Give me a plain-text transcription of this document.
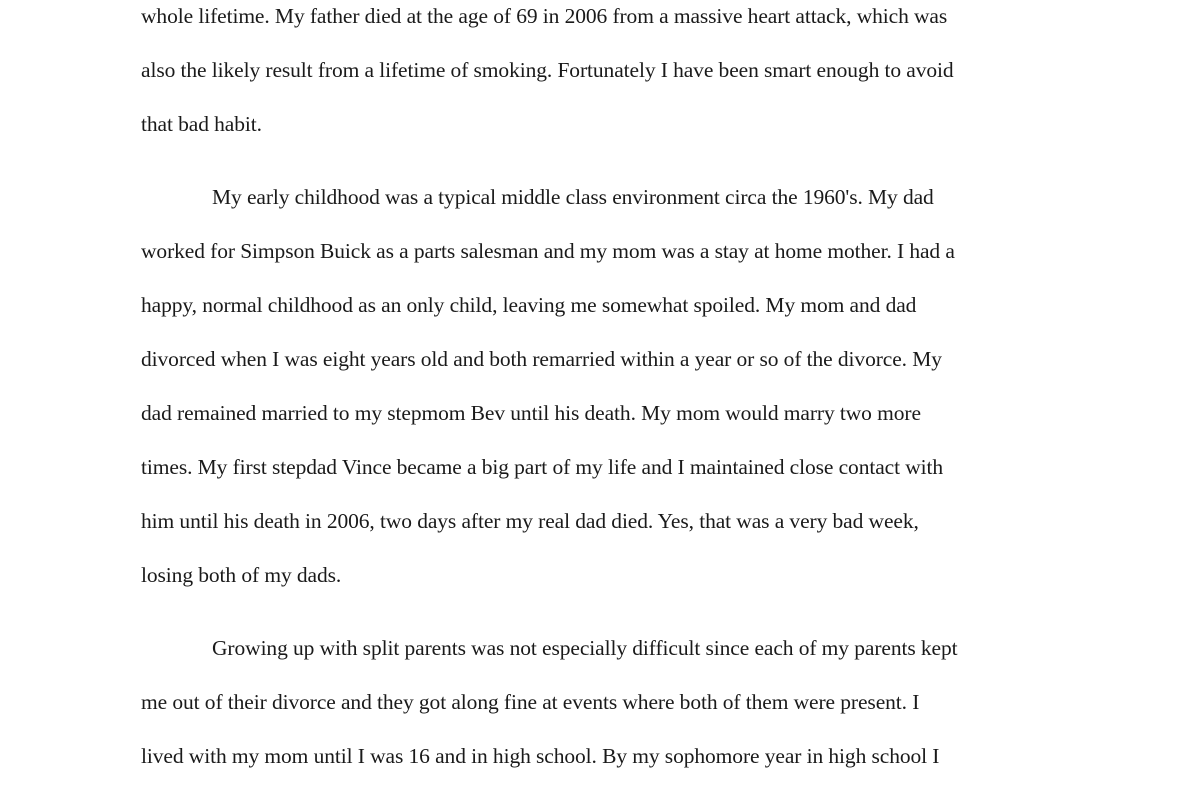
whole lifetime. My father died at the age of 69 in 2006 from a massive heart attack, which was
also the likely result from a lifetime of smoking. Fortunately I have been smart enough to avoid
that bad habit.
My early childhood was a typical middle class environment circa the 1960's. My dad
worked for Simpson Buick as a parts salesman and my mom was a stay at home mother. I had a
happy, normal childhood as an only child, leaving me somewhat spoiled. My mom and dad
divorced when I was eight years old and both remarried within a year or so of the divorce. My
dad remained married to my stepmom Bev until his death. My mom would marry two more
times. My first stepdad Vince became a big part of my life and I maintained close contact with
him until his death in 2006, two days after my real dad died. Yes, that was a very bad week,
losing both of my dads.
Growing up with split parents was not especially difficult since each of my parents kept
me out of their divorce and they got along fine at events where both of them were present. I
lived with my mom until I was 16 and in high school. By my sophomore year in high school I
